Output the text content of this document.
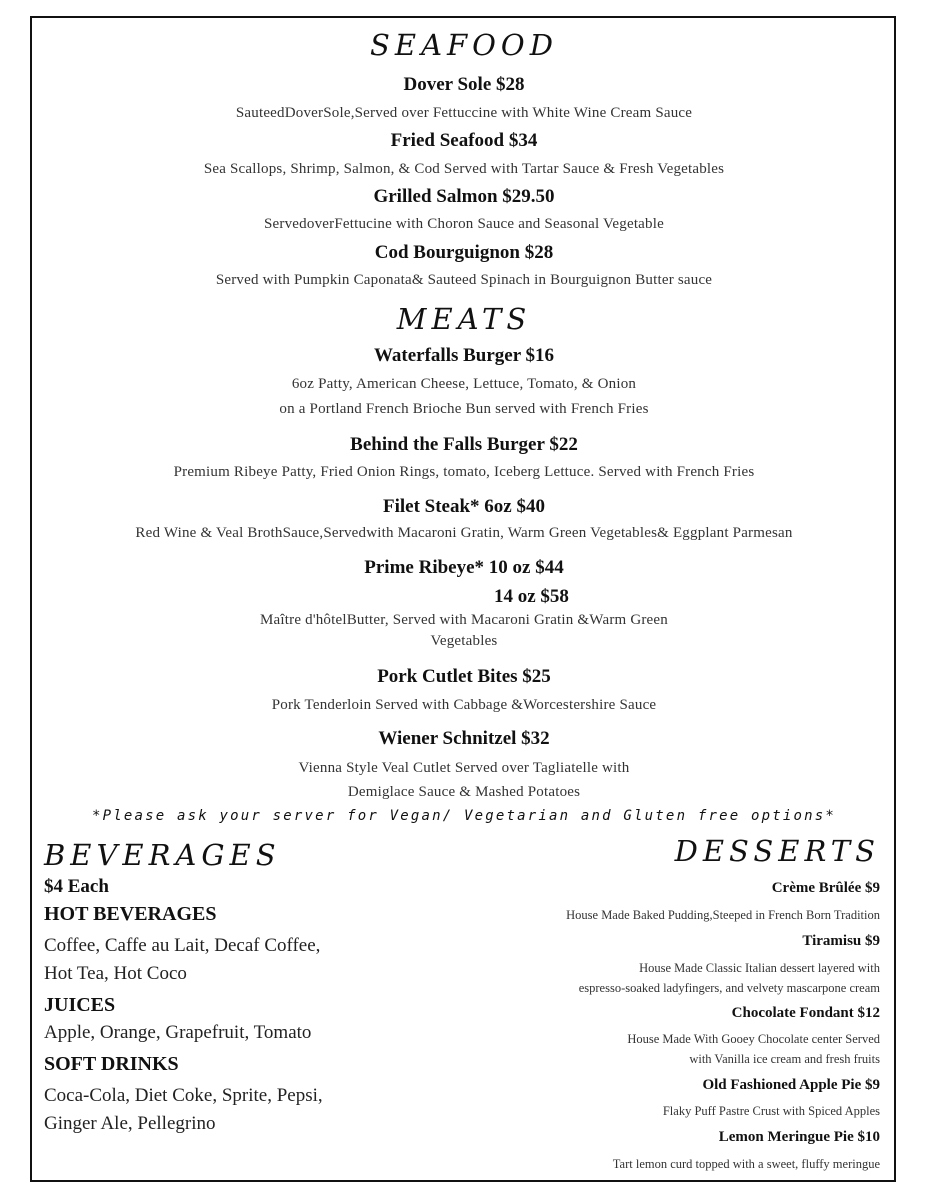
SEAFOOD
Dover Sole $28
SauteedDoverSole,Served over Fettuccine with White Wine Cream Sauce
Fried Seafood $34
Sea Scallops, Shrimp, Salmon, & Cod Served with Tartar Sauce & Fresh Vegetables
Grilled Salmon $29.50
ServedoverFettucine with Choron Sauce and Seasonal Vegetable
Cod Bourguignon $28
Served with Pumpkin Caponata& Sauteed Spinach in Bourguignon Butter sauce
MEATS
Waterfalls Burger $16
6oz Patty, American Cheese, Lettuce, Tomato, & Onion
on a Portland French Brioche Bun served with French Fries
Behind the Falls Burger $22
Premium Ribeye Patty, Fried Onion Rings, tomato, Iceberg Lettuce. Served with French Fries
Filet Steak* 6oz $40
Red Wine & Veal BrothSauce,Servedwith Macaroni Gratin, Warm Green Vegetables& Eggplant Parmesan
Prime Ribeye* 10 oz $44
14 oz $58
Maître d'hôtelButter, Served with Macaroni Gratin &Warm Green
Vegetables
Pork Cutlet Bites $25
Pork Tenderloin Served with Cabbage &Worcestershire Sauce
Wiener Schnitzel $32
Vienna Style Veal Cutlet Served over Tagliatelle with
Demiglace Sauce & Mashed Potatoes
*Please ask your server for Vegan/ Vegetarian and Gluten free options*
BEVERAGES
$4 Each
HOT BEVERAGES
Coffee, Caffe au Lait, Decaf Coffee,
Hot Tea, Hot Coco
JUICES
Apple, Orange, Grapefruit, Tomato
SOFT DRINKS
Coca-Cola, Diet Coke, Sprite, Pepsi,
Ginger Ale, Pellegrino
DESSERTS
Crème Brûlée $9
House Made Baked Pudding,Steeped in French Born Tradition
Tiramisu $9
House Made Classic Italian dessert layered with
espresso-soaked ladyfingers, and velvety mascarpone cream
Chocolate Fondant $12
House Made With Gooey Chocolate center Served
with Vanilla ice cream and fresh fruits
Old Fashioned Apple Pie $9
Flaky Puff Pastre Crust with Spiced Apples
Lemon Meringue Pie $10
Tart lemon curd topped with a sweet, fluffy meringue
